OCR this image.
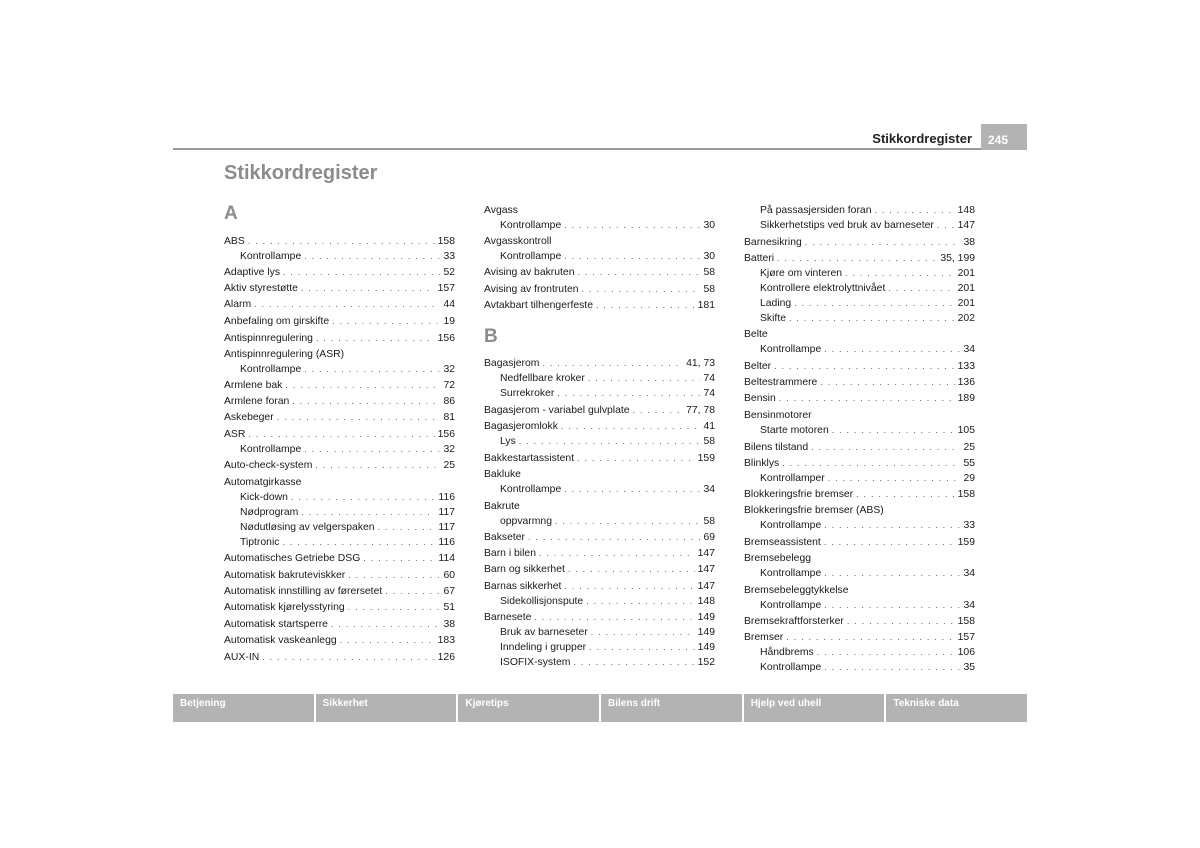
Stikkordregister	245
Stikkordregister
A
ABS . . .	158
Kontrollampe . . .	33
Adaptive lys . . .	52
Aktiv styrestøtte . . .	157
Alarm . . .	44
Anbefaling om girskifte . . .	19
Antispinnregulering . . .	156
Antispinnregulering (ASR)
Kontrollampe . . .	32
Armlene bak . . .	72
Armlene foran . . .	86
Askebeger . . .	81
ASR . . .	156
Kontrollampe . . .	32
Auto-check-system . . .	25
Automatgirkasse
Kick-down . . .	116
Nødprogram . . .	117
Nødutløsing av velgerspaken . . .	117
Tiptronic . . .	116
Automatisches Getriebe DSG . . .	114
Automatisk bakruteviskker . . .	60
Automatisk innstilling av førersetet . . .	67
Automatisk kjørelysstyring . . .	51
Automatisk startsperre . . .	38
Automatisk vaskeanlegg . . .	183
AUX-IN . . .	126
Avgass
Kontrollampe . . .	30
Avgasskontroll
Kontrollampe . . .	30
Avising av bakruten . . .	58
Avising av frontruten . . .	58
Avtakbart tilhengerfeste . . .	181
B
Bagasjerom . . .	41, 73
Nedfellbare kroker . . .	74
Surrekroker . . .	74
Bagasjerom - variabel gulvplate . . .	77, 78
Bagasjeromlokk . . .	41
Lys . . .	58
Bakkestartassistent . . .	159
Bakluke
Kontrollampe . . .	34
Bakrute
oppvarmng . . .	58
Bakseter . . .	69
Barn i bilen . . .	147
Barn og sikkerhet . . .	147
Barnas sikkerhet . . .	147
Sidekollisjonspute . . .	148
Barnesete . . .	149
Bruk av barneseter . . .	149
Inndeling i grupper . . .	149
ISOFIX-system . . .	152
På passasjersiden foran . . .	148
Sikkerhetstips ved bruk av barneseter . . . 147
Barnesikring . . .	38
Batteri . . .	35, 199
Kjøre om vinteren . . .	201
Kontrollere elektrolyttnivået . . .	201
Lading . . .	201
Skifte . . .	202
Belte
Kontrollampe . . .	34
Belter . . .	133
Beltestrammere . . .	136
Bensin . . .	189
Bensinmotorer
Starte motoren . . .	105
Bilens tilstand . . .	25
Blinklys . . .	55
Kontrollamper . . .	29
Blokkeringsfrie bremser . . .	158
Blokkeringsfrie bremser (ABS)
Kontrollampe . . .	33
Bremseassistent . . .	159
Bremsebelegg
Kontrollampe . . .	34
Bremsebeleggtykkelse
Kontrollampe . . .	34
Bremsekraftforsterker . . .	158
Bremser . . .	157
Håndbrems . . .	106
Kontrollampe . . .	35
Betjening	Sikkerhet	Kjøretips	Bilens drift	Hjelp ved uhell	Tekniske data
